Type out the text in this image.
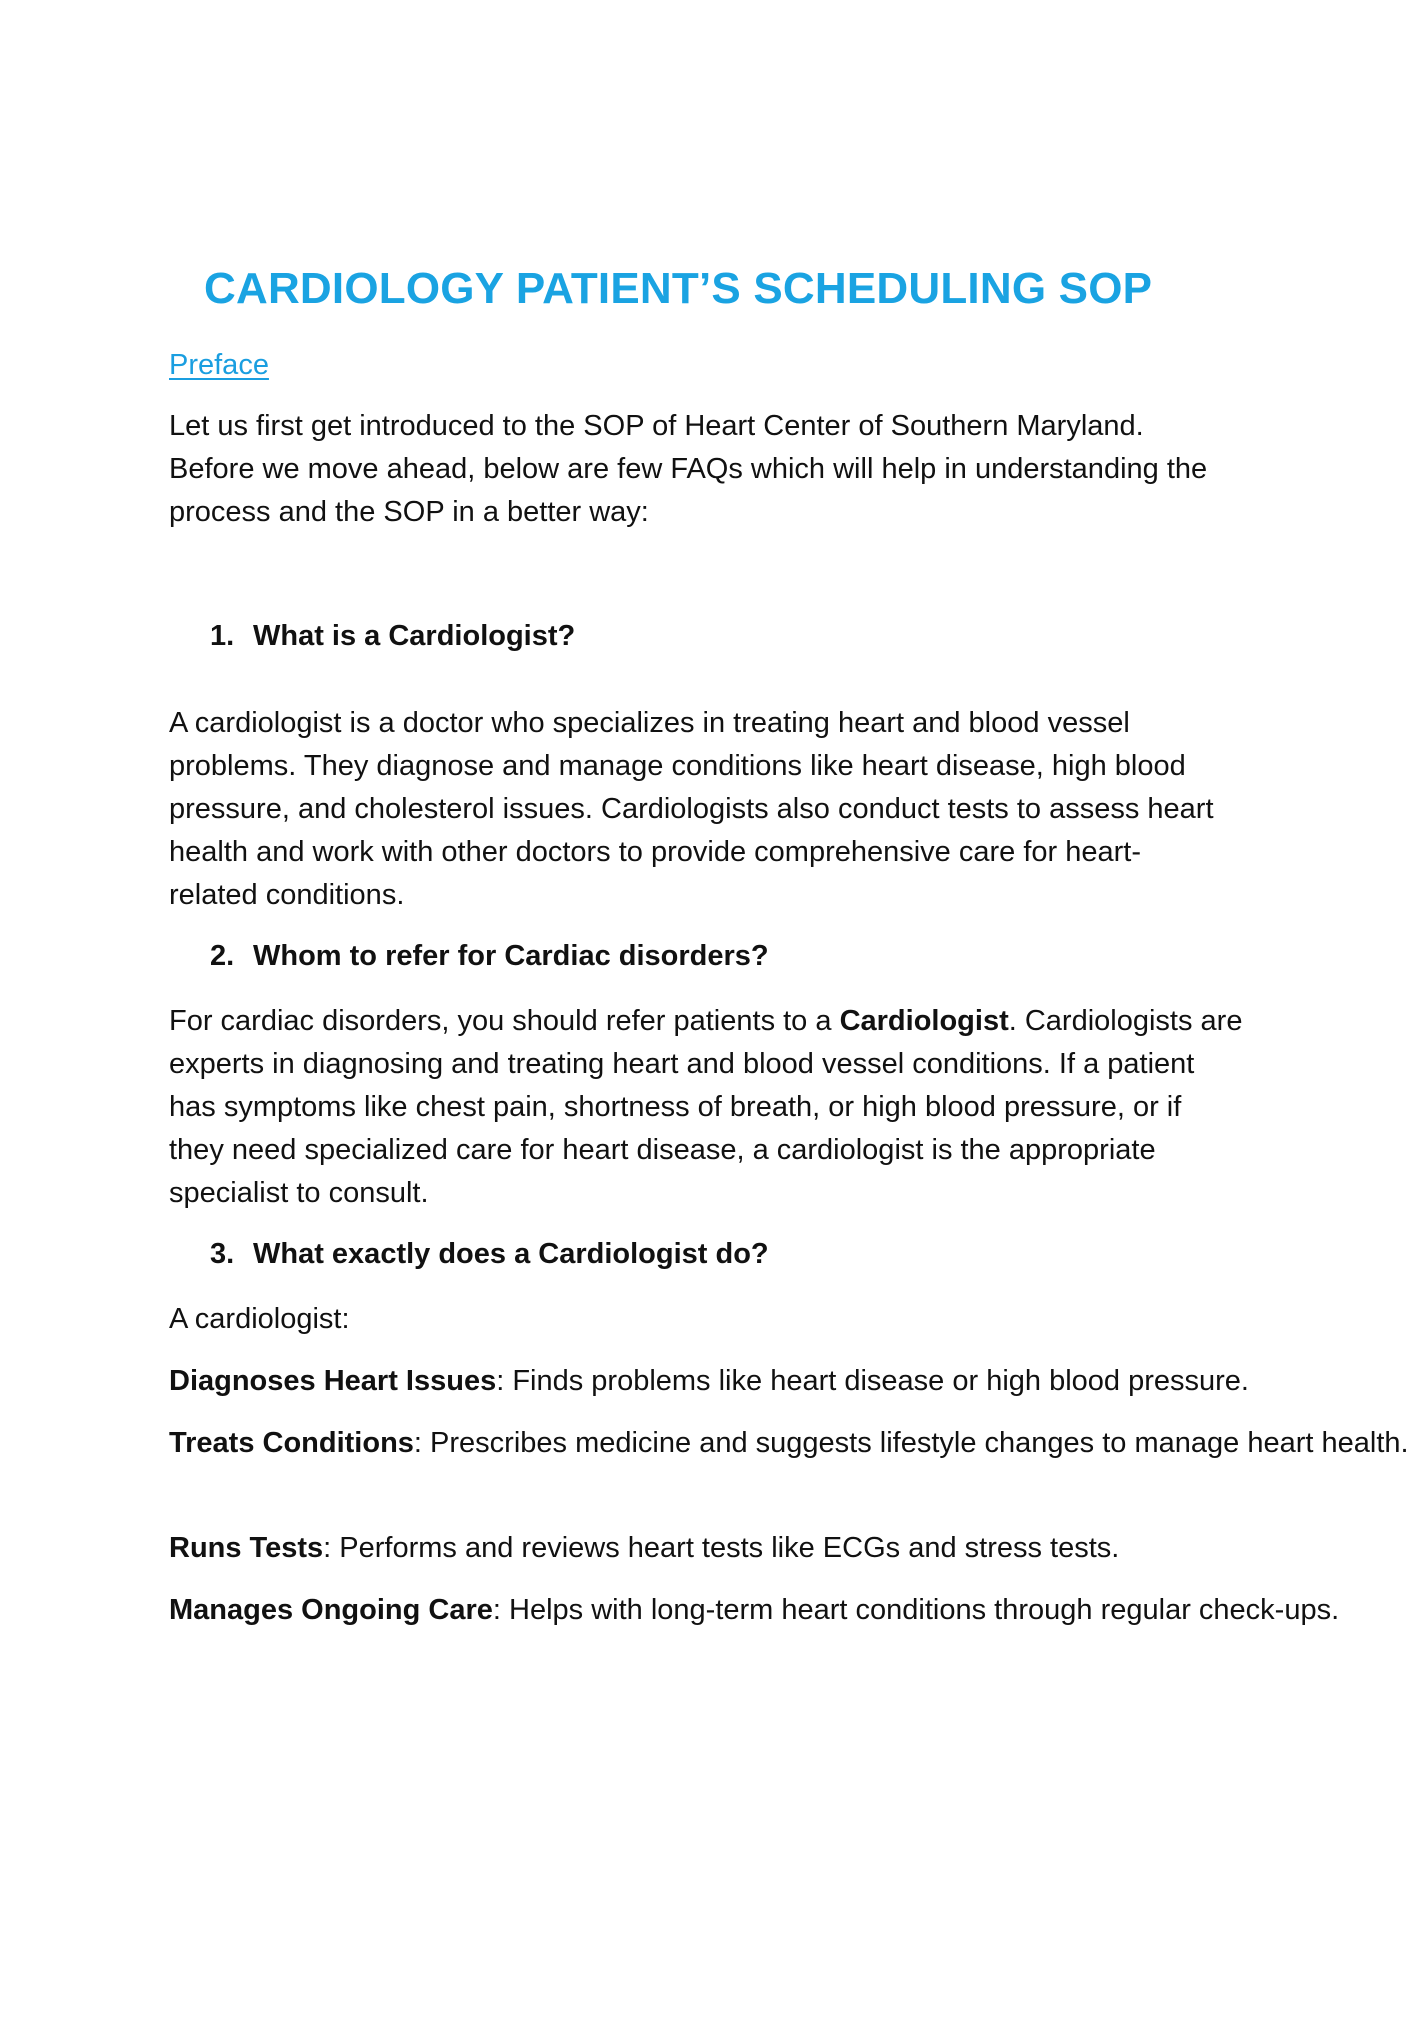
CARDIOLOGY PATIENT’S SCHEDULING SOP
Preface

Let us first get introduced to the SOP of Heart Center of Southern Maryland.
Before we move ahead, below are few FAQs which will help in understanding the
process and the SOP in a better way:

1. What is a Cardiologist?

A cardiologist is a doctor who specializes in treating heart and blood vessel
problems. They diagnose and manage conditions like heart disease, high blood
pressure, and cholesterol issues. Cardiologists also conduct tests to assess heart
health and work with other doctors to provide comprehensive care for heart-
related conditions.

2. Whom to refer for Cardiac disorders?

For cardiac disorders, you should refer patients to a Cardiologist. Cardiologists are
experts in diagnosing and treating heart and blood vessel conditions. If a patient
has symptoms like chest pain, shortness of breath, or high blood pressure, or if
they need specialized care for heart disease, a cardiologist is the appropriate
specialist to consult.

3. What exactly does a Cardiologist do?

A cardiologist:

Diagnoses Heart Issues: Finds problems like heart disease or high blood pressure.

Treats Conditions: Prescribes medicine and suggests lifestyle changes to manage heart health.

Runs Tests: Performs and reviews heart tests like ECGs and stress tests.

Manages Ongoing Care: Helps with long-term heart conditions through regular check-ups.
